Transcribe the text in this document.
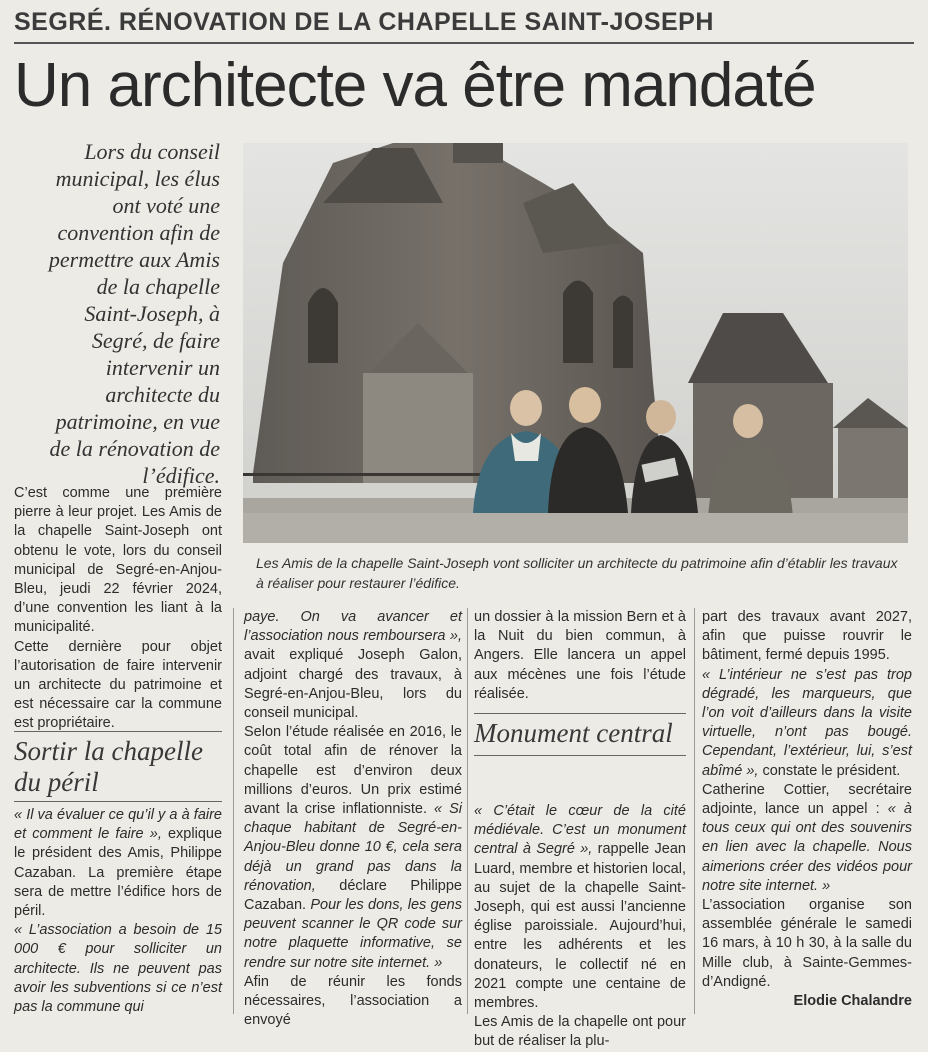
SEGRÉ. RÉNOVATION DE LA CHAPELLE SAINT-JOSEPH
Un architecte va être mandaté
Lors du conseil municipal, les élus ont voté une convention afin de permettre aux Amis de la chapelle Saint-Joseph, à Segré, de faire intervenir un architecte du patrimoine, en vue de la rénovation de l’édifice.
Les Amis de la chapelle Saint-Joseph vont solliciter un architecte du patrimoine afin d’établir les travaux à réaliser pour restaurer l’édifice.

C’est comme une première pierre à leur projet. Les Amis de la chapelle Saint-Joseph ont obtenu le vote, lors du conseil municipal de Segré-en-Anjou-Bleu, jeudi 22 février 2024, d’une convention les liant à la municipalité.

Cette dernière pour objet l’autorisation de faire intervenir un architecte du patrimoine et est nécessaire car la commune est propriétaire.

Sortir la chapelle du péril

« Il va évaluer ce qu’il y a à faire et comment le faire », explique le président des Amis, Philippe Cazaban. La première étape sera de mettre l’édifice hors de péril.

« L’association a besoin de 15 000 € pour solliciter un architecte. Ils ne peuvent pas avoir les subventions si ce n’est pas la commune qui

paye. On va avancer et l’association nous remboursera », avait expliqué Joseph Galon, adjoint chargé des travaux, à Segré-en-Anjou-Bleu, lors du conseil municipal.

Selon l’étude réalisée en 2016, le coût total afin de rénover la chapelle est d’environ deux millions d’euros. Un prix estimé avant la crise inflationniste. « Si chaque habitant de Segré-en-Anjou-Bleu donne 10 €, cela sera déjà un grand pas dans la rénovation, déclare Philippe Cazaban. Pour les dons, les gens peuvent scanner le QR code sur notre plaquette informative, se rendre sur notre site internet. »

Afin de réunir les fonds nécessaires, l’association a envoyé

un dossier à la mission Bern et à la Nuit du bien commun, à Angers. Elle lancera un appel aux mécènes une fois l’étude réalisée.

Monument central

« C’était le cœur de la cité médiévale. C’est un monument central à Segré », rappelle Jean Luard, membre et historien local, au sujet de la chapelle Saint-Joseph, qui est aussi l’ancienne église paroissiale. Aujourd’hui, entre les adhérents et les donateurs, le collectif né en 2021 compte une centaine de membres.

Les Amis de la chapelle ont pour but de réaliser la plu-

part des travaux avant 2027, afin que puisse rouvrir le bâtiment, fermé depuis 1995.

« L’intérieur ne s’est pas trop dégradé, les marqueurs, que l’on voit d’ailleurs dans la visite virtuelle, n’ont pas bougé. Cependant, l’extérieur, lui, s’est abîmé », constate le président.

Catherine Cottier, secrétaire adjointe, lance un appel : « à tous ceux qui ont des souvenirs en lien avec la chapelle. Nous aimerions créer des vidéos pour notre site internet. »

L’association organise son assemblée générale le samedi 16 mars, à 10 h 30, à la salle du Mille club, à Sainte-Gemmes-d’Andigné.

Elodie Chalandre
